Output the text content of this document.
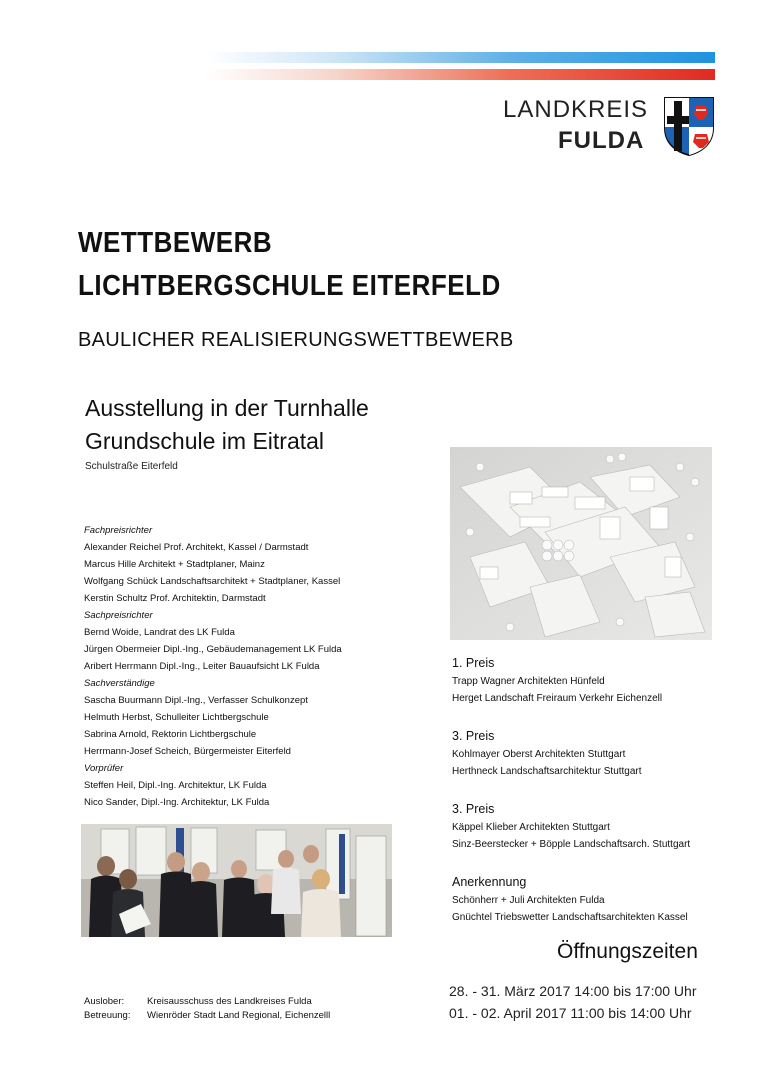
LANDKREIS
FULDA
WETTBEWERB
LICHTBERGSCHULE EITERFELD
BAULICHER REALISIERUNGSWETTBEWERB
Ausstellung in der Turnhalle
Grundschule im Eitratal
Schulstraße Eiterfeld
Fachpreisrichter
Alexander Reichel Prof. Architekt, Kassel / Darmstadt
Marcus Hille Architekt + Stadtplaner, Mainz
Wolfgang Schück Landschaftsarchitekt + Stadtplaner, Kassel
Kerstin Schultz Prof. Architektin, Darmstadt
Sachpreisrichter
Bernd Woide, Landrat des LK Fulda
Jürgen Obermeier Dipl.-Ing., Gebäudemanagement LK Fulda
Aribert Herrmann Dipl.-Ing., Leiter Bauaufsicht LK Fulda
Sachverständige
Sascha Buurmann Dipl.-Ing., Verfasser Schulkonzept
Helmuth Herbst, Schulleiter Lichtbergschule
Sabrina Arnold, Rektorin Lichtbergschule
Herrmann-Josef Scheich, Bürgermeister Eiterfeld
Vorprüfer
Steffen Heil, Dipl.-Ing. Architektur, LK Fulda
Nico Sander, Dipl.-Ing. Architektur, LK Fulda
1. Preis
Trapp Wagner Architekten Hünfeld
Herget Landschaft Freiraum Verkehr Eichenzell
3. Preis
Kohlmayer Oberst Architekten Stuttgart
Herthneck Landschaftsarchitektur Stuttgart
3. Preis
Käppel Klieber Architekten Stuttgart
Sinz-Beerstecker + Böpple Landschaftsarch. Stuttgart
Anerkennung
Schönherr + Juli Architekten Fulda
Gnüchtel Triebswetter Landschaftsarchitekten Kassel
Öffnungszeiten
28. - 31. März 2017 14:00 bis 17:00 Uhr
01. - 02. April 2017 11:00 bis 14:00 Uhr
Auslober: Kreisausschuss des Landkreises Fulda
Betreuung: Wienröder Stadt Land Regional, Eichenzelll
